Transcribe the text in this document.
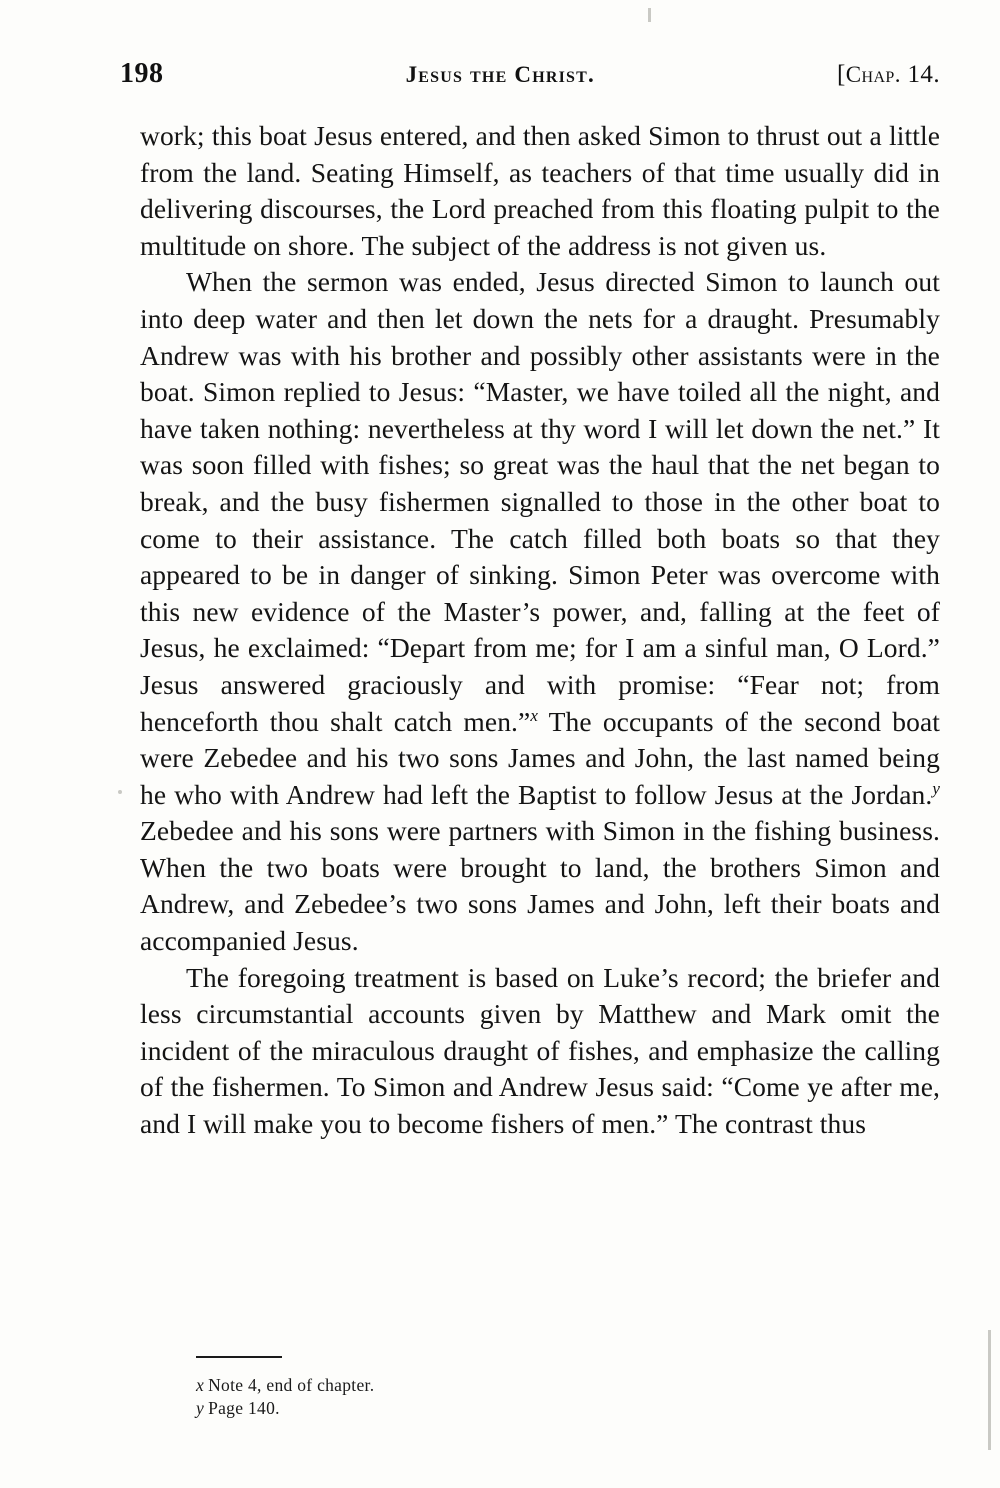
198	Jesus the Christ.	[Chap. 14.

work; this boat Jesus entered, and then asked Simon to thrust out a little from the land. Seating Himself, as teachers of that time usually did in delivering discourses, the Lord preached from this floating pulpit to the multitude on shore. The subject of the address is not given us.

When the sermon was ended, Jesus directed Simon to launch out into deep water and then let down the nets for a draught. Presumably Andrew was with his brother and possibly other assistants were in the boat. Simon replied to Jesus: “Master, we have toiled all the night, and have taken nothing: nevertheless at thy word I will let down the net.” It was soon filled with fishes; so great was the haul that the net began to break, and the busy fishermen signalled to those in the other boat to come to their assistance. The catch filled both boats so that they appeared to be in danger of sinking. Simon Peter was overcome with this new evidence of the Master’s power, and, falling at the feet of Jesus, he exclaimed: “Depart from me; for I am a sinful man, O Lord.” Jesus answered graciously and with promise: “Fear not; from henceforth thou shalt catch men.”$^x$ The occupants of the second boat were Zebedee and his two sons James and John, the last named being he who with Andrew had left the Baptist to follow Jesus at the Jordan.$^y$ Zebedee and his sons were partners with Simon in the fishing business. When the two boats were brought to land, the brothers Simon and Andrew, and Zebedee’s two sons James and John, left their boats and accompanied Jesus.

The foregoing treatment is based on Luke’s record; the briefer and less circumstantial accounts given by Matthew and Mark omit the incident of the miraculous draught of fishes, and emphasize the calling of the fishermen. To Simon and Andrew Jesus said: “Come ye after me, and I will make you to become fishers of men.” The contrast thus

x Note 4, end of chapter.
y Page 140.
